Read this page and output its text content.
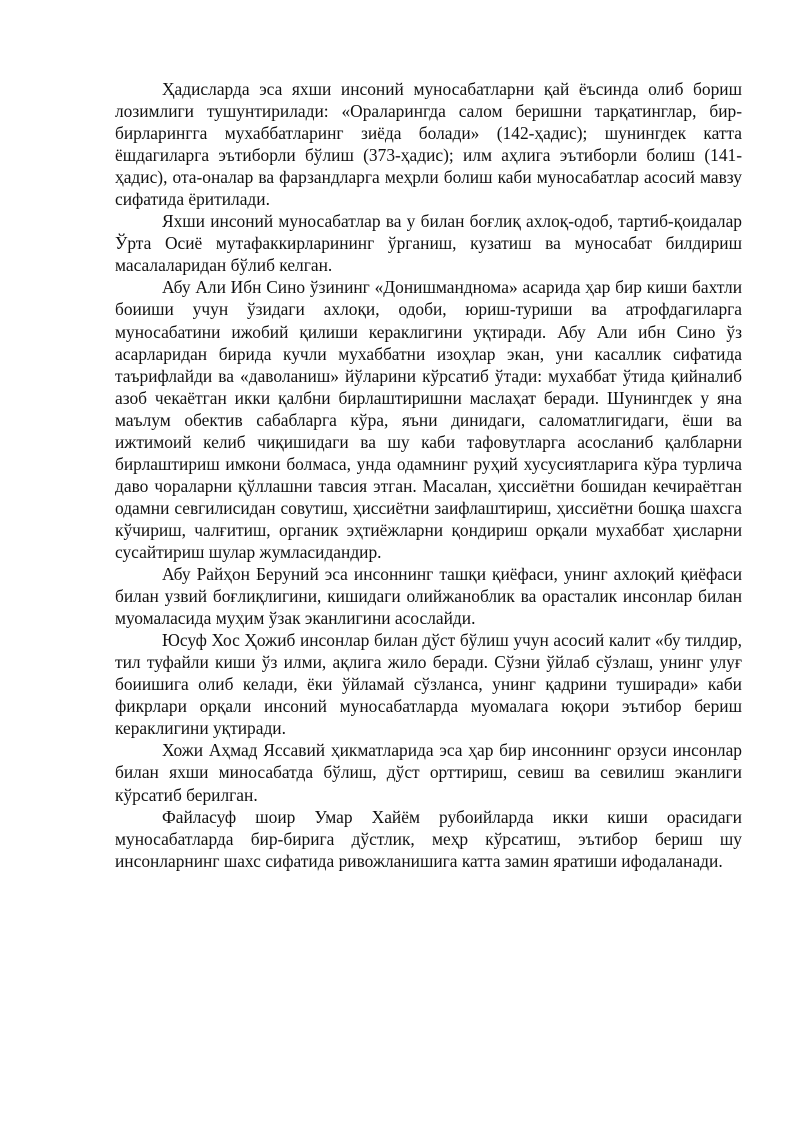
Ҳадисларда эса яхши инсоний муносабатларни қай ёъсинда олиб бориш лозимлиги тушунтирилади: «Ораларингда салом беришни тарқатинглар, бир-бирларингга мухаббатларинг зиёда болади» (142-ҳадис); шунингдек катта ёшдагиларга эътиборли бўлиш (373-ҳадис); илм аҳлига эътиборли болиш (141-ҳадис), ота-оналар ва фарзандларга меҳрли болиш каби муносабатлар асосий мавзу сифатида ёритилади.

Яхши инсоний муносабатлар ва у билан боғлиқ ахлоқ-одоб, тартиб-қоидалар Ўрта Осиё мутафаккирларининг ўрганиш, кузатиш ва муносабат билдириш масалаларидан бўлиб келган.

Абу Али Ибн Сино ўзининг «Донишмандномa» асарида ҳар бир киши бахтли боииши учун ўзидаги ахлоқи, одоби, юриш-туриши ва атрофдагиларга муносабатини ижобий қилиши кераклигини уқтиради. Абу Али ибн Сино ўз асарларидан бирида кучли мухаббатни изоҳлар экан, уни касаллик сифатида таърифлайди ва «даволаниш» йўларини кўрсатиб ўтади: мухаббат ўтида қийналиб азоб чекаётган икки қалбни бирлаштиришни маслаҳат беради. Шунингдек у яна маълум обектив сабабларга кўра, яъни динидаги, саломатлигидаги, ёши ва ижтимоий келиб чиқишидаги ва шу каби тафовутларга асосланиб қалбларни бирлаштириш имкони болмаса, унда одамнинг руҳий хусусиятларига кўра турлича даво чораларни қўллашни тавсия этган. Масалан, ҳиссиётни бошидан кечираётган одамни севгилисидан совутиш, ҳиссиётни заифлаштириш, ҳиссиётни бошқа шахсга кўчириш, чалғитиш, органик эҳтиёжларни қондириш орқали мухаббат ҳисларни сусайтириш шулар жумласидандир.

Абу Райҳон Беруний эса инсоннинг ташқи қиёфаси, унинг ахлоқий қиёфаси билан узвий боғлиқлигини, кишидаги олийжанoблик ва орасталик инсонлар билан муомаласида муҳим ўзак эканлигини асослайди.

Юсуф Хос Ҳожиб инсонлар билан дўст бўлиш учун асосий калит «бу тилдир, тил туфайли киши ўз илми, ақлига жило беради. Сўзни ўйлаб сўзлаш, унинг улуғ боиишига олиб келади, ёки ўйламай сўзланса, унинг қадрини туширади» каби фикрлари орқали инсоний муносабатларда муомалага юқори эътибор бериш кераклигини уқтиради.

Хожи Аҳмад Яссавий ҳикматларида эса ҳар бир инсоннинг орзуси инсонлар билан яхши миносабатда бўлиш, дўст орттириш, севиш ва севилиш эканлиги кўрсатиб берилган.

Файласуф шоир Умар Хайём рубоийларда икки киши орасидаги муносабатларда бир-бирига дўстлик, меҳр кўрсатиш, эътибор бериш шу инсонларнинг шахс сифатида ривожланишига катта замин яратиши ифодаланади.
